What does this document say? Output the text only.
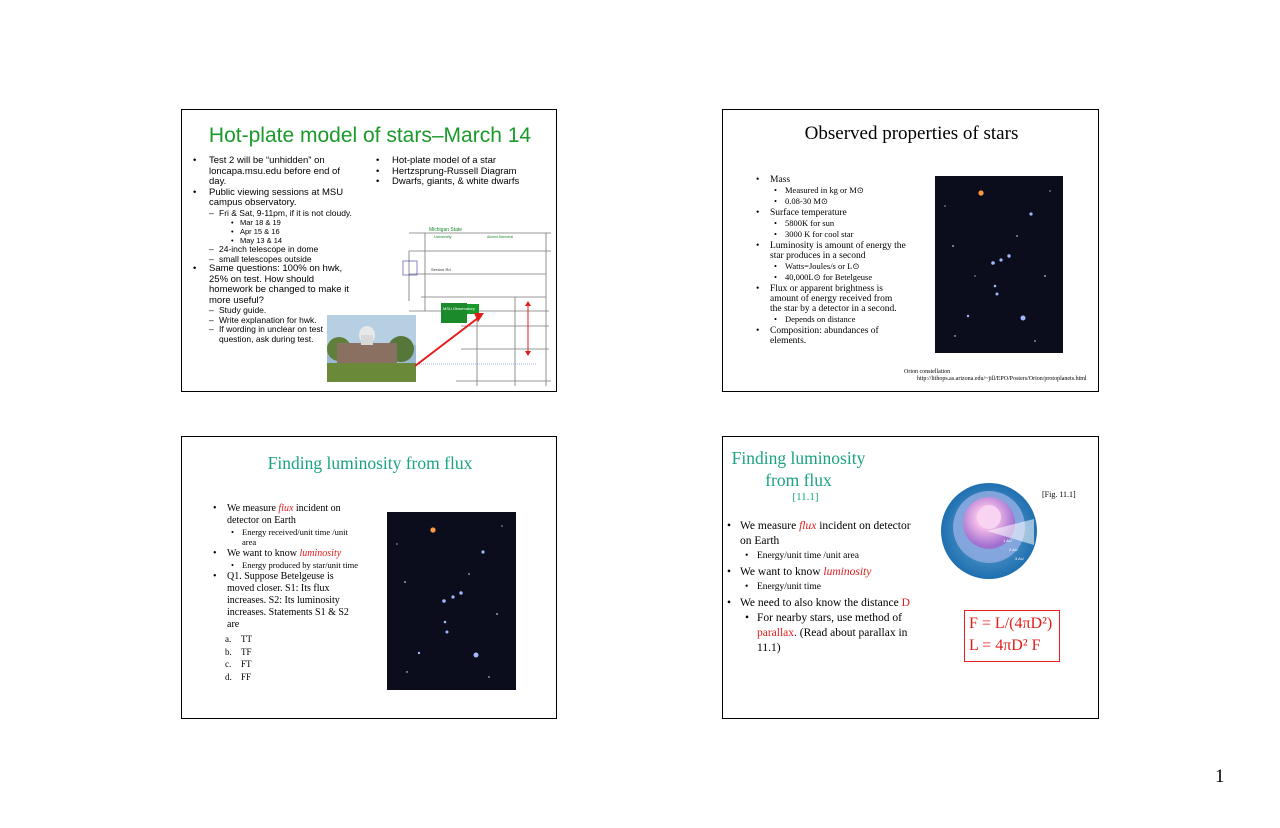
Hot-plate model of stars–March 14
• Test 2 will be “unhidden” on loncapa.msu.edu before end of day.
• Public viewing sessions at MSU campus observatory.
– Fri & Sat, 9-11pm, if it is not cloudy.
• Mar 18 & 19
• Apr 15 & 16
• May 13 & 14
– 24-inch telescope in dome
– small telescopes outside
• Same questions: 100% on hwk, 25% on test. How should homework be changed to make it more useful?
– Study guide.
– Write explanation for hwk.
– If wording in unclear on test question, ask during test.
• Hot-plate model of a star
• Hertzsprung-Russell Diagram
• Dwarfs, giants, & white dwarfs
Michigan State
University
Service Rd
Alumni Memorial
MSU Observatory
Observed properties of stars
• Mass
• Measured in kg or M⊙
• 0.08-30 M⊙
• Surface temperature
• 5800K for sun
• 3000 K for cool star
• Luminosity is amount of energy the star produces in a second
• Watts=Joules/s or L⊙
• 40,000L⊙ for Betelgeuse
• Flux or apparent brightness is amount of energy received from the star by a detector in a second.
• Depends on distance
• Composition: abundances of elements.
Orion constellation
http://lithops.as.arizona.edu/~jill/EPO/Posters/Orion/protoplanets.html
Finding luminosity from flux
• We measure flux incident on detector on Earth
• Energy received/unit time /unit area
• We want to know luminosity
• Energy produced by star/unit time
• Q1. Suppose Betelgeuse is moved closer. S1: Its flux increases. S2: Its luminosity increases. Statements S1 & S2 are
a. TT
b. TF
c. FT
d. FF
Finding luminosity
from flux
[11.1]	[Fig. 11.1]
• We measure flux incident on detector on Earth
• Energy/unit time /unit area
• We want to know luminosity
• Energy/unit time
• We need to also know the distance D
• For nearby stars, use method of parallax. (Read about parallax in 11.1)
1 AU
2 AU
3 AU
F = L/(4πD²)
L = 4πD² F
1
